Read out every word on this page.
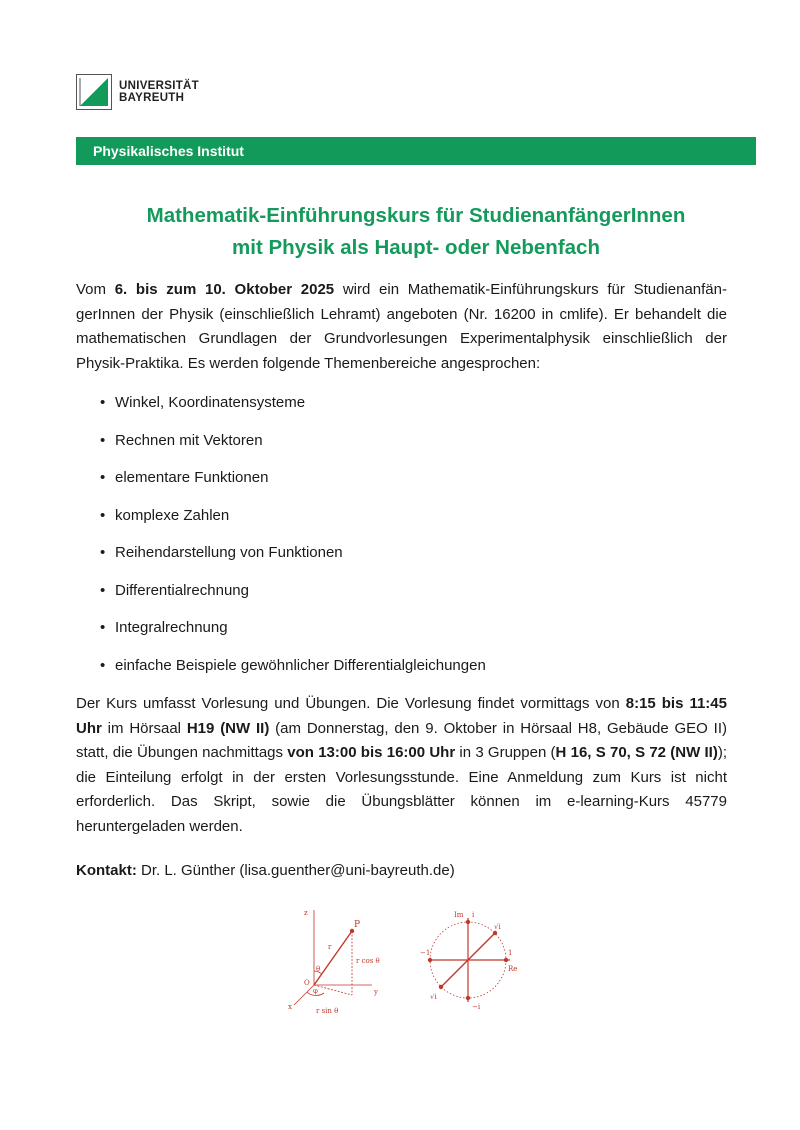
UNIVERSITÄT
BAYREUTH
Physikalisches Institut
Mathematik-Einführungskurs für StudienanfängerInnen
mit Physik als Haupt- oder Nebenfach
Vom 6. bis zum 10. Oktober 2025 wird ein Mathematik-Einführungskurs für Studienanfän-gerInnen der Physik (einschließlich Lehramt) angeboten (Nr. 16200 in cmlife). Er behandelt die mathematischen Grundlagen der Grundvorlesungen Experimentalphysik einschließlich der Physik-Praktika. Es werden folgende Themenbereiche angesprochen:
• Winkel, Koordinatensysteme
• Rechnen mit Vektoren
• elementare Funktionen
• komplexe Zahlen
• Reihendarstellung von Funktionen
• Differentialrechnung
• Integralrechnung
• einfache Beispiele gewöhnlicher Differentialgleichungen
Der Kurs umfasst Vorlesung und Übungen. Die Vorlesung findet vormittags von 8:15 bis 11:45 Uhr im Hörsaal H19 (NW II) (am Donnerstag, den 9. Oktober in Hörsaal H8, Gebäude GEO II) statt, die Übungen nachmittags von 13:00 bis 16:00 Uhr in 3 Gruppen (H 16, S 70, S 72 (NW II)); die Einteilung erfolgt in der ersten Vorlesungsstunde. Eine Anmeldung zum Kurs ist nicht erforderlich. Das Skript, sowie die Übungsblätter können im e-learning-Kurs 45779 heruntergeladen werden.
Kontakt: Dr. L. Günther (lisa.guenther@uni-bayreuth.de)
z
P
r
θ
φ
O
r cos θ
r sin θ
y
x
Im i
√i
−1	1
Re
√i
−i
